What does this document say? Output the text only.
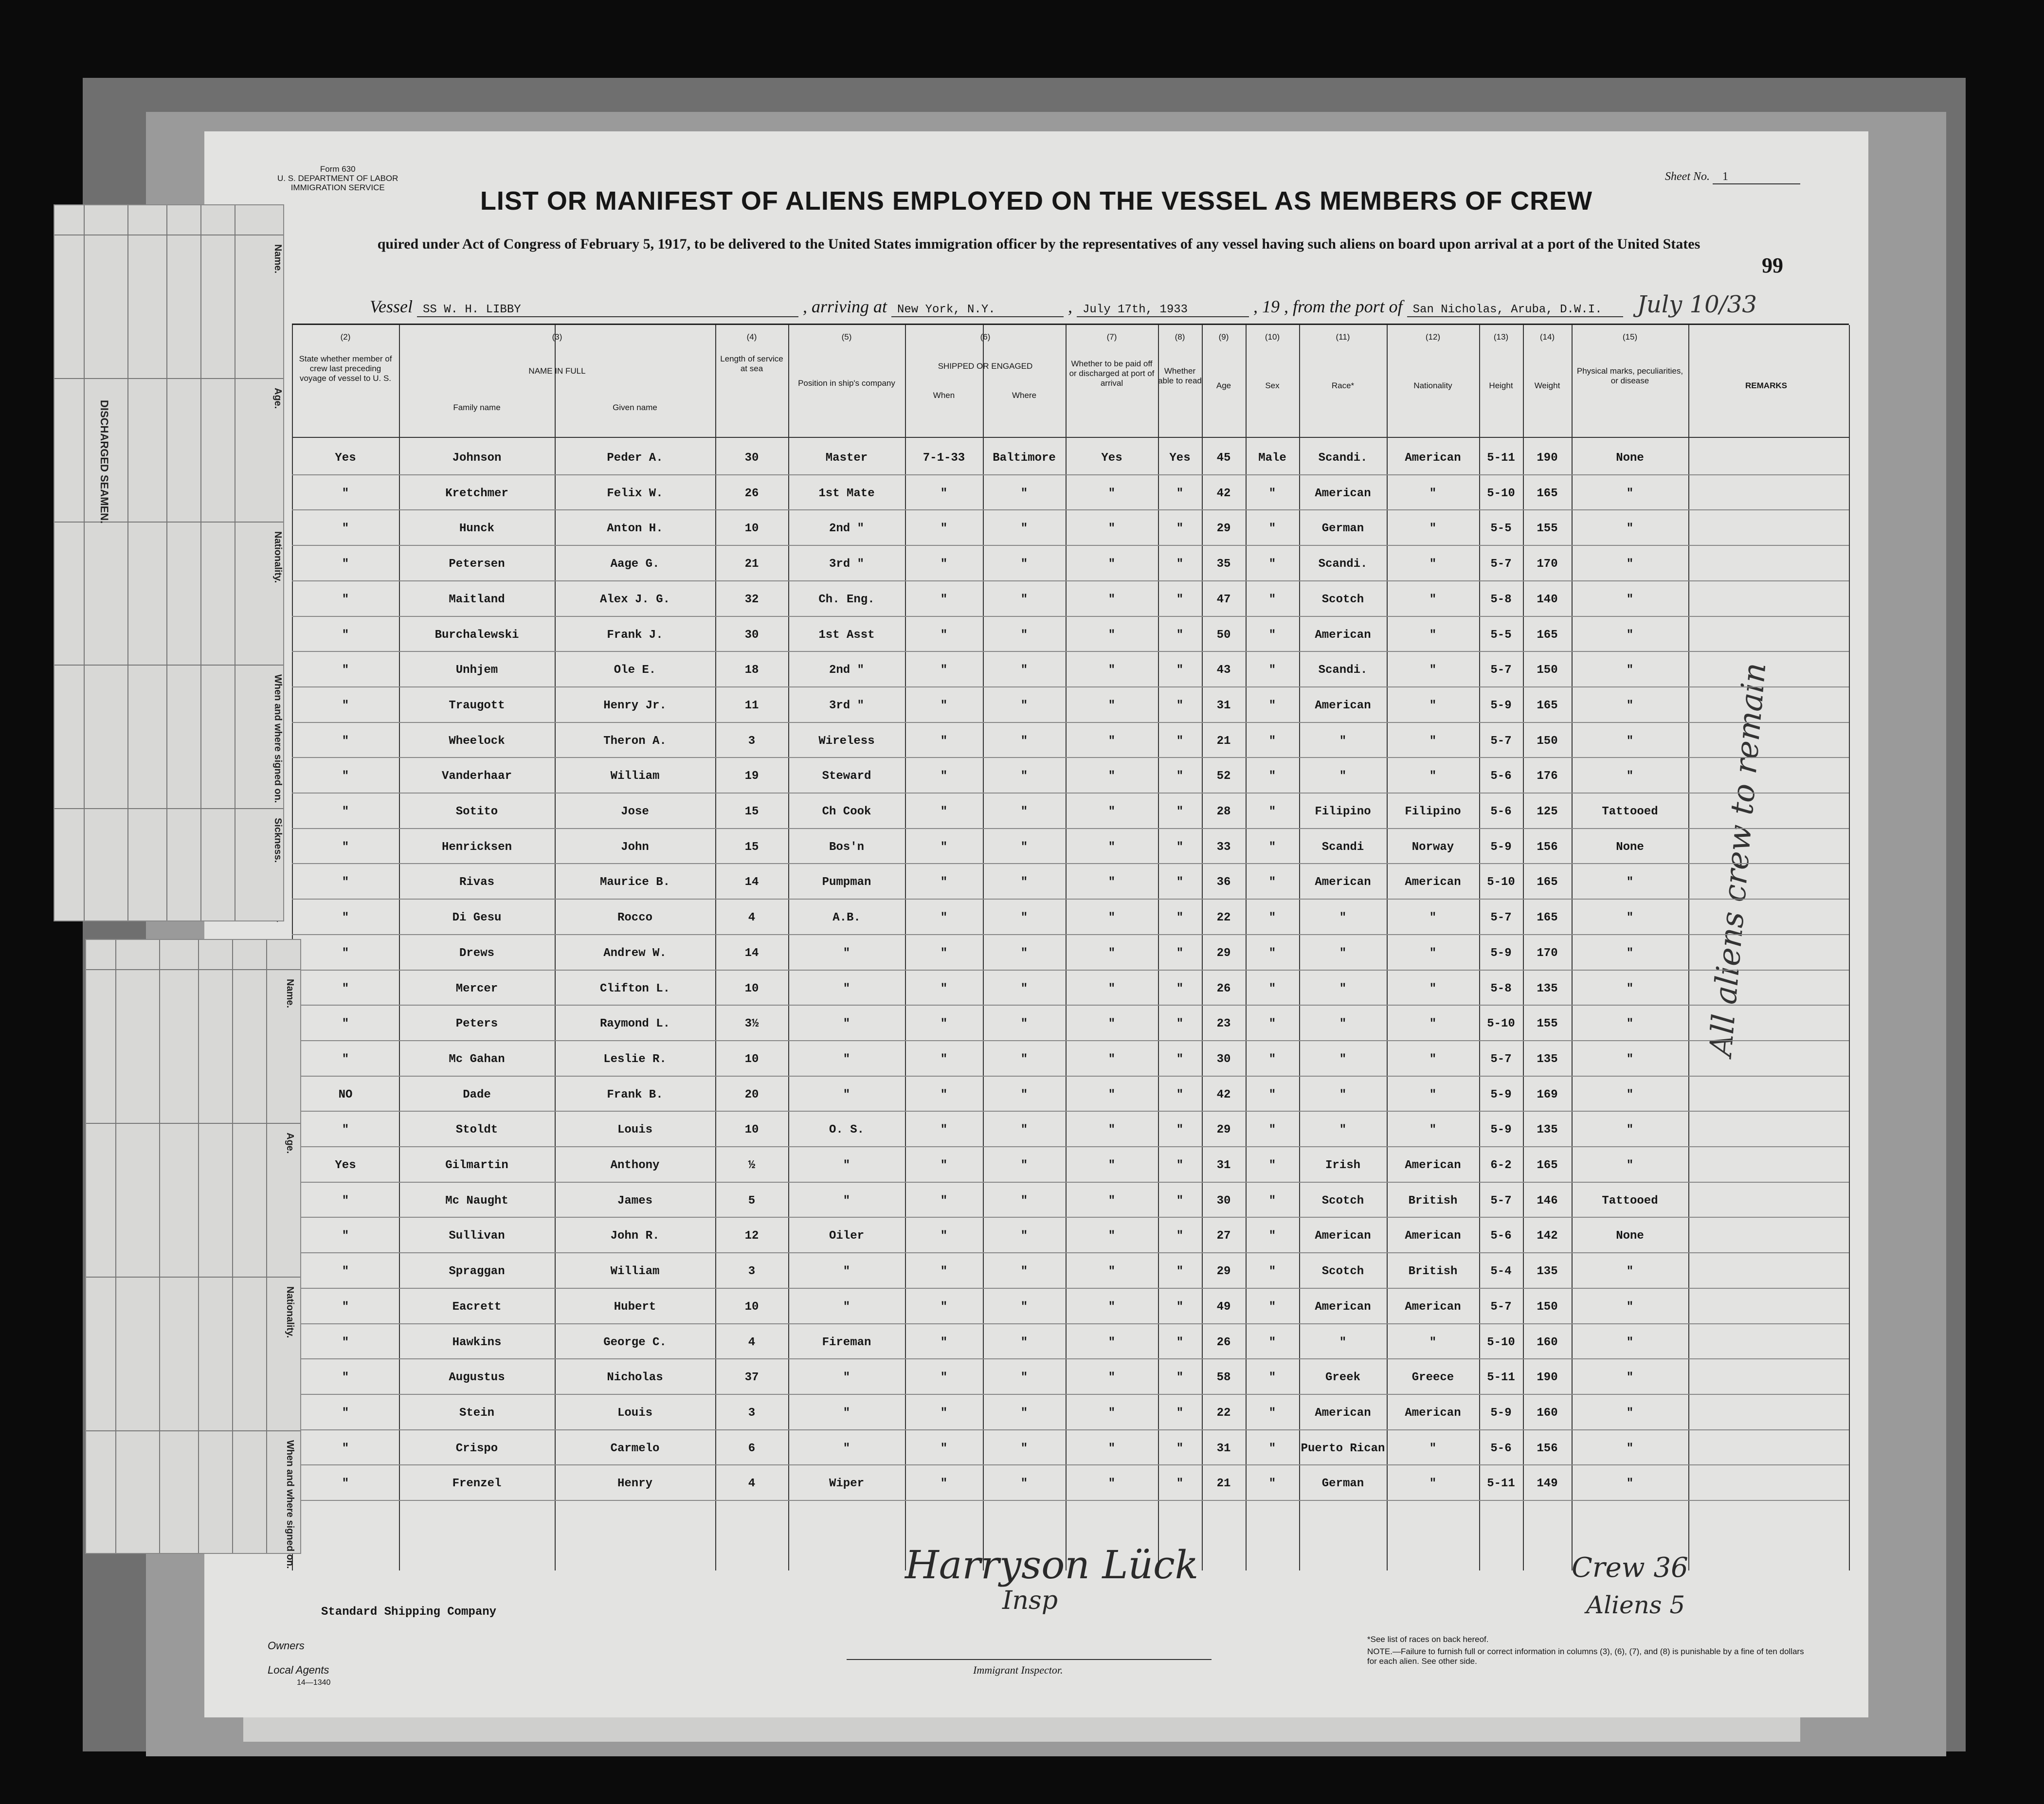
Form 630
U. S. DEPARTMENT OF LABOR
IMMIGRATION SERVICE
Sheet No. 1
LIST OR MANIFEST OF ALIENS EMPLOYED ON THE VESSEL AS MEMBERS OF CREW
quired under Act of Congress of February 5, 1917, to be delivered to the United States immigration officer by the representatives of any vessel having such aliens on board upon arrival at a port of the United States
99
Vessel SS W. H. LIBBY	, arriving at New York, N.Y.	, July 17th, 1933	, 19 , from the port of San Nicholas, Aruba, D.W.I. July 10/33
(2)
State whether member of crew last preceding voyage of vessel to U. S.
(3)
NAME IN FULL
Family name	Given name
(4)
Length of service at sea
(5)
Position in ship's company
(6)
SHIPPED OR ENGAGED
When	Where
(7)
Whether to be paid off or discharged at port of arrival
(8)
Whether able to read
(9)
Age
(10)
Sex
(11)
Race*
(12)
Nationality
(13)
Height
(14)
Weight
(15)
Physical marks, peculiarities, or disease
REMARKS
Yes	Johnson	Peder A.	30	Master	7-1-33	Baltimore	Yes	Yes	45	Male	Scandi.	American	5-11	190	None
"	Kretchmer	Felix W.	26	1st Mate	"	"	"	"	42	"	American	"	5-10	165	"
"	Hunck	Anton H.	10	2nd "	"	"	"	"	29	"	German	"	5-5	155	"
"	Petersen	Aage G.	21	3rd "	"	"	"	"	35	"	Scandi.	"	5-7	170	"
"	Maitland	Alex J. G.	32	Ch. Eng.	"	"	"	"	47	"	Scotch	"	5-8	140	"
"	Burchalewski	Frank J.	30	1st Asst	"	"	"	"	50	"	American	"	5-5	165	"
"	Unhjem	Ole E.	18	2nd "	"	"	"	"	43	"	Scandi.	"	5-7	150	"
"	Traugott	Henry Jr.	11	3rd "	"	"	"	"	31	"	American	"	5-9	165	"
"	Wheelock	Theron A.	3	Wireless	"	"	"	"	21	"	"	"	5-7	150	"
"	Vanderhaar	William	19	Steward	"	"	"	"	52	"	"	"	5-6	176	"
"	Sotito	Jose	15	Ch Cook	"	"	"	"	28	"	Filipino	Filipino	5-6	125	Tattooed
"	Henricksen	John	15	Bos'n	"	"	"	"	33	"	Scandi	Norway	5-9	156	None
"	Rivas	Maurice B.	14	Pumpman	"	"	"	"	36	"	American	American	5-10	165	"
"	Di Gesu	Rocco	4	A.B.	"	"	"	"	22	"	"	"	5-7	165	"
"	Drews	Andrew W.	14	"	"	"	"	"	29	"	"	"	5-9	170	"
"	Mercer	Clifton L.	10	"	"	"	"	"	26	"	"	"	5-8	135	"
"	Peters	Raymond L.	3½	"	"	"	"	"	23	"	"	"	5-10	155	"
"	Mc Gahan	Leslie R.	10	"	"	"	"	"	30	"	"	"	5-7	135	"
NO	Dade	Frank B.	20	"	"	"	"	"	42	"	"	"	5-9	169	"
"	Stoldt	Louis	10	O. S.	"	"	"	"	29	"	"	"	5-9	135	"
Yes	Gilmartin	Anthony	½	"	"	"	"	"	31	"	Irish	American	6-2	165	"
"	Mc Naught	James	5	"	"	"	"	"	30	"	Scotch	British	5-7	146	Tattooed
"	Sullivan	John R.	12	Oiler	"	"	"	"	27	"	American	American	5-6	142	None
"	Spraggan	William	3	"	"	"	"	"	29	"	Scotch	British	5-4	135	"
"	Eacrett	Hubert	10	"	"	"	"	"	49	"	American	American	5-7	150	"
"	Hawkins	George C.	4	Fireman	"	"	"	"	26	"	"	"	5-10	160	"
"	Augustus	Nicholas	37	"	"	"	"	"	58	"	Greek	Greece	5-11	190	"
"	Stein	Louis	3	"	"	"	"	"	22	"	American	American	5-9	160	"
"	Crispo	Carmelo	6	"	"	"	"	"	31	"	Puerto Rican	"	5-6	156	"
"	Frenzel	Henry	4	Wiper	"	"	"	"	21	"	German	"	5-11	149	"
All aliens crew to remain
Harryson Lück
Insp
Crew 36
Aliens 5
Standard Shipping Company
Owners
Local Agents
14—1340
Immigrant Inspector.
*See list of races on back hereof.
NOTE.—Failure to furnish full or correct information in columns (3), (6), (7), and (8) is punishable by a fine of ten dollars for each alien. See other side.
Name.
Age.
Nationality.
When and where signed on.
Sickness.
DISCHARGED SEAMEN.
Name.
Age.
Nationality.
When and where signed on.
